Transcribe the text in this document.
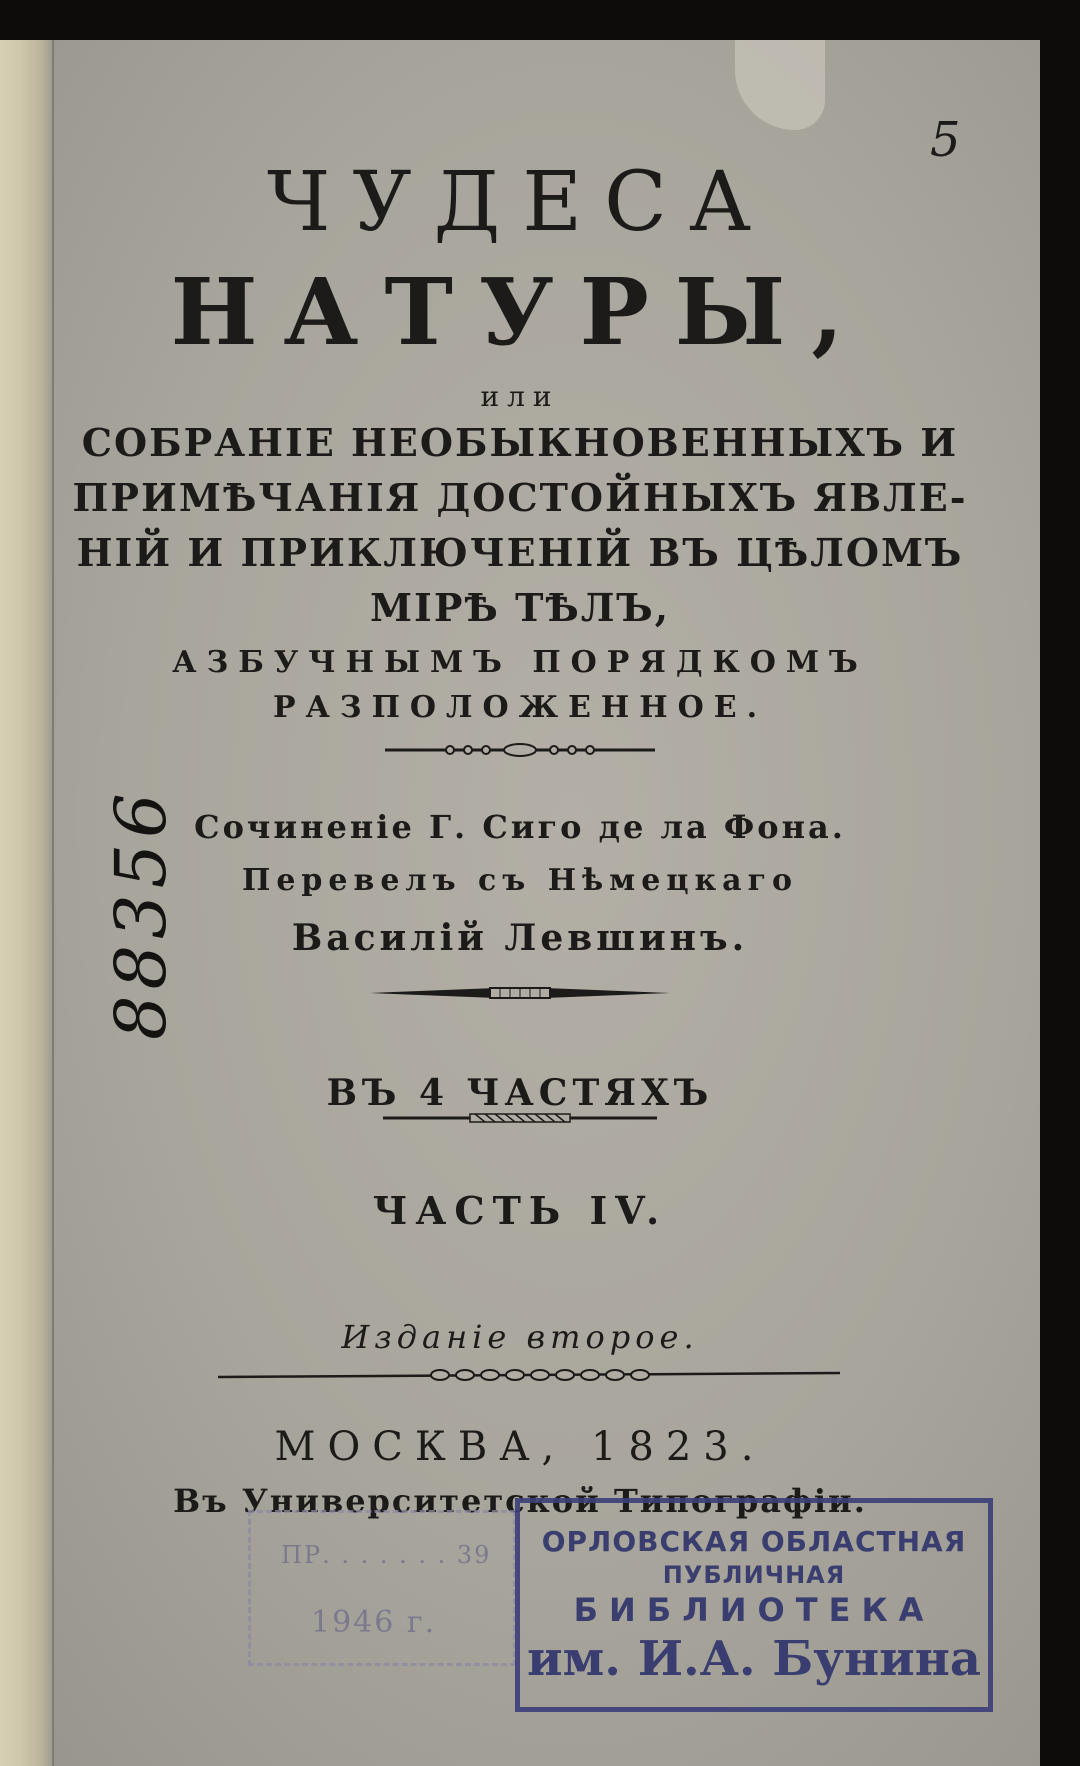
5
ЧУДЕСА
НАТУРЫ,
или
СОБРАНІЕ НЕОБЫКНОВЕННЫХЪ И
ПРИМѢЧАНІЯ ДОСТОЙНЫХЪ ЯВЛЕ-
НІЙ И ПРИКЛЮЧЕНІЙ ВЪ ЦѢЛОМЪ
МІРѢ ТѢЛЪ,
АЗБУЧНЫМЪ ПОРЯДКОМЪ
РАЗПОЛОЖЕННОЕ.
Сочиненіе Г. Сиго де ла Фона.
Перевелъ съ Нѣмецкаго
Василій Левшинъ.
ВЪ 4 ЧАСТЯХЪ
ЧАСТЬ IV.
Изданіе второе.
МОСКВА, 1823.
Въ Университетской Типографіи.
88356
ПР. . . . . . . 39
1946 г.
ОРЛОВСКАЯ ОБЛАСТНАЯ
ПУБЛИЧНАЯ
БИБЛИОТЕКА
им. И.А. Бунина
